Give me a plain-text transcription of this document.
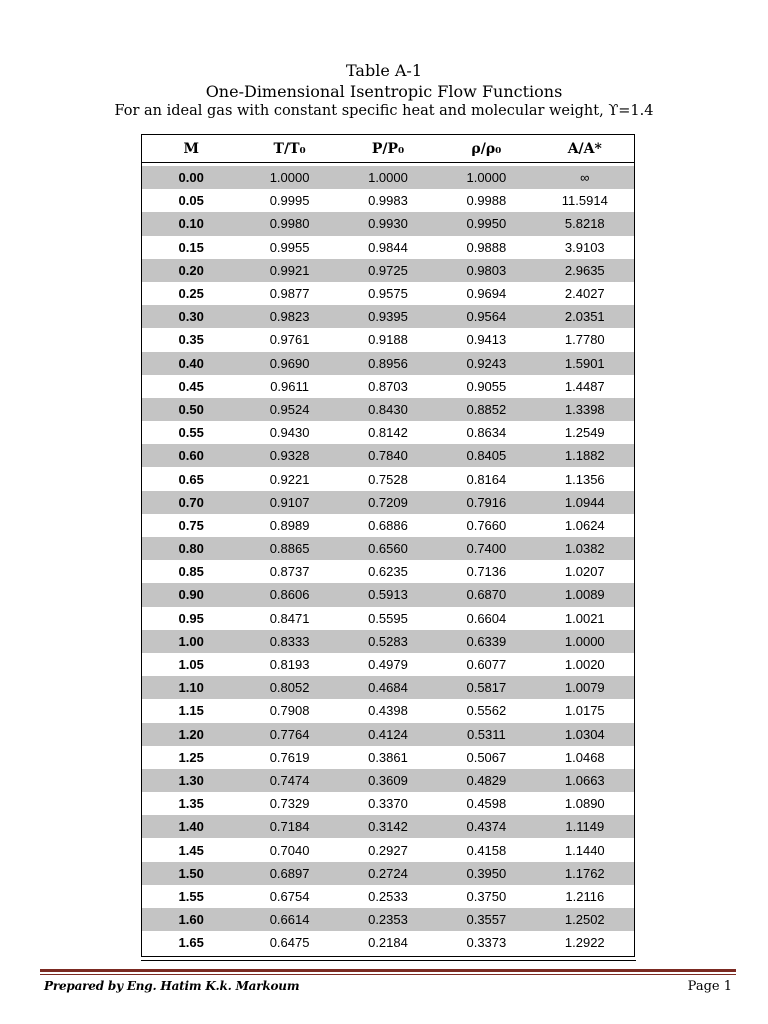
Table A-1
One-Dimensional Isentropic Flow Functions
For an ideal gas with constant specific heat and molecular weight, ϒ=1.4
M	T/T₀	P/P₀	ρ/ρ₀	A/A*

0.00	1.0000	1.0000	1.0000	∞
0.05	0.9995	0.9983	0.9988	11.5914
0.10	0.9980	0.9930	0.9950	5.8218
0.15	0.9955	0.9844	0.9888	3.9103
0.20	0.9921	0.9725	0.9803	2.9635
0.25	0.9877	0.9575	0.9694	2.4027
0.30	0.9823	0.9395	0.9564	2.0351
0.35	0.9761	0.9188	0.9413	1.7780
0.40	0.9690	0.8956	0.9243	1.5901
0.45	0.9611	0.8703	0.9055	1.4487
0.50	0.9524	0.8430	0.8852	1.3398
0.55	0.9430	0.8142	0.8634	1.2549
0.60	0.9328	0.7840	0.8405	1.1882
0.65	0.9221	0.7528	0.8164	1.1356
0.70	0.9107	0.7209	0.7916	1.0944
0.75	0.8989	0.6886	0.7660	1.0624
0.80	0.8865	0.6560	0.7400	1.0382
0.85	0.8737	0.6235	0.7136	1.0207
0.90	0.8606	0.5913	0.6870	1.0089
0.95	0.8471	0.5595	0.6604	1.0021
1.00	0.8333	0.5283	0.6339	1.0000
1.05	0.8193	0.4979	0.6077	1.0020
1.10	0.8052	0.4684	0.5817	1.0079
1.15	0.7908	0.4398	0.5562	1.0175
1.20	0.7764	0.4124	0.5311	1.0304
1.25	0.7619	0.3861	0.5067	1.0468
1.30	0.7474	0.3609	0.4829	1.0663
1.35	0.7329	0.3370	0.4598	1.0890
1.40	0.7184	0.3142	0.4374	1.1149
1.45	0.7040	0.2927	0.4158	1.1440
1.50	0.6897	0.2724	0.3950	1.1762
1.55	0.6754	0.2533	0.3750	1.2116
1.60	0.6614	0.2353	0.3557	1.2502
1.65	0.6475	0.2184	0.3373	1.2922
Prepared by Eng. Hatim K.k. Markoum	Page 1
